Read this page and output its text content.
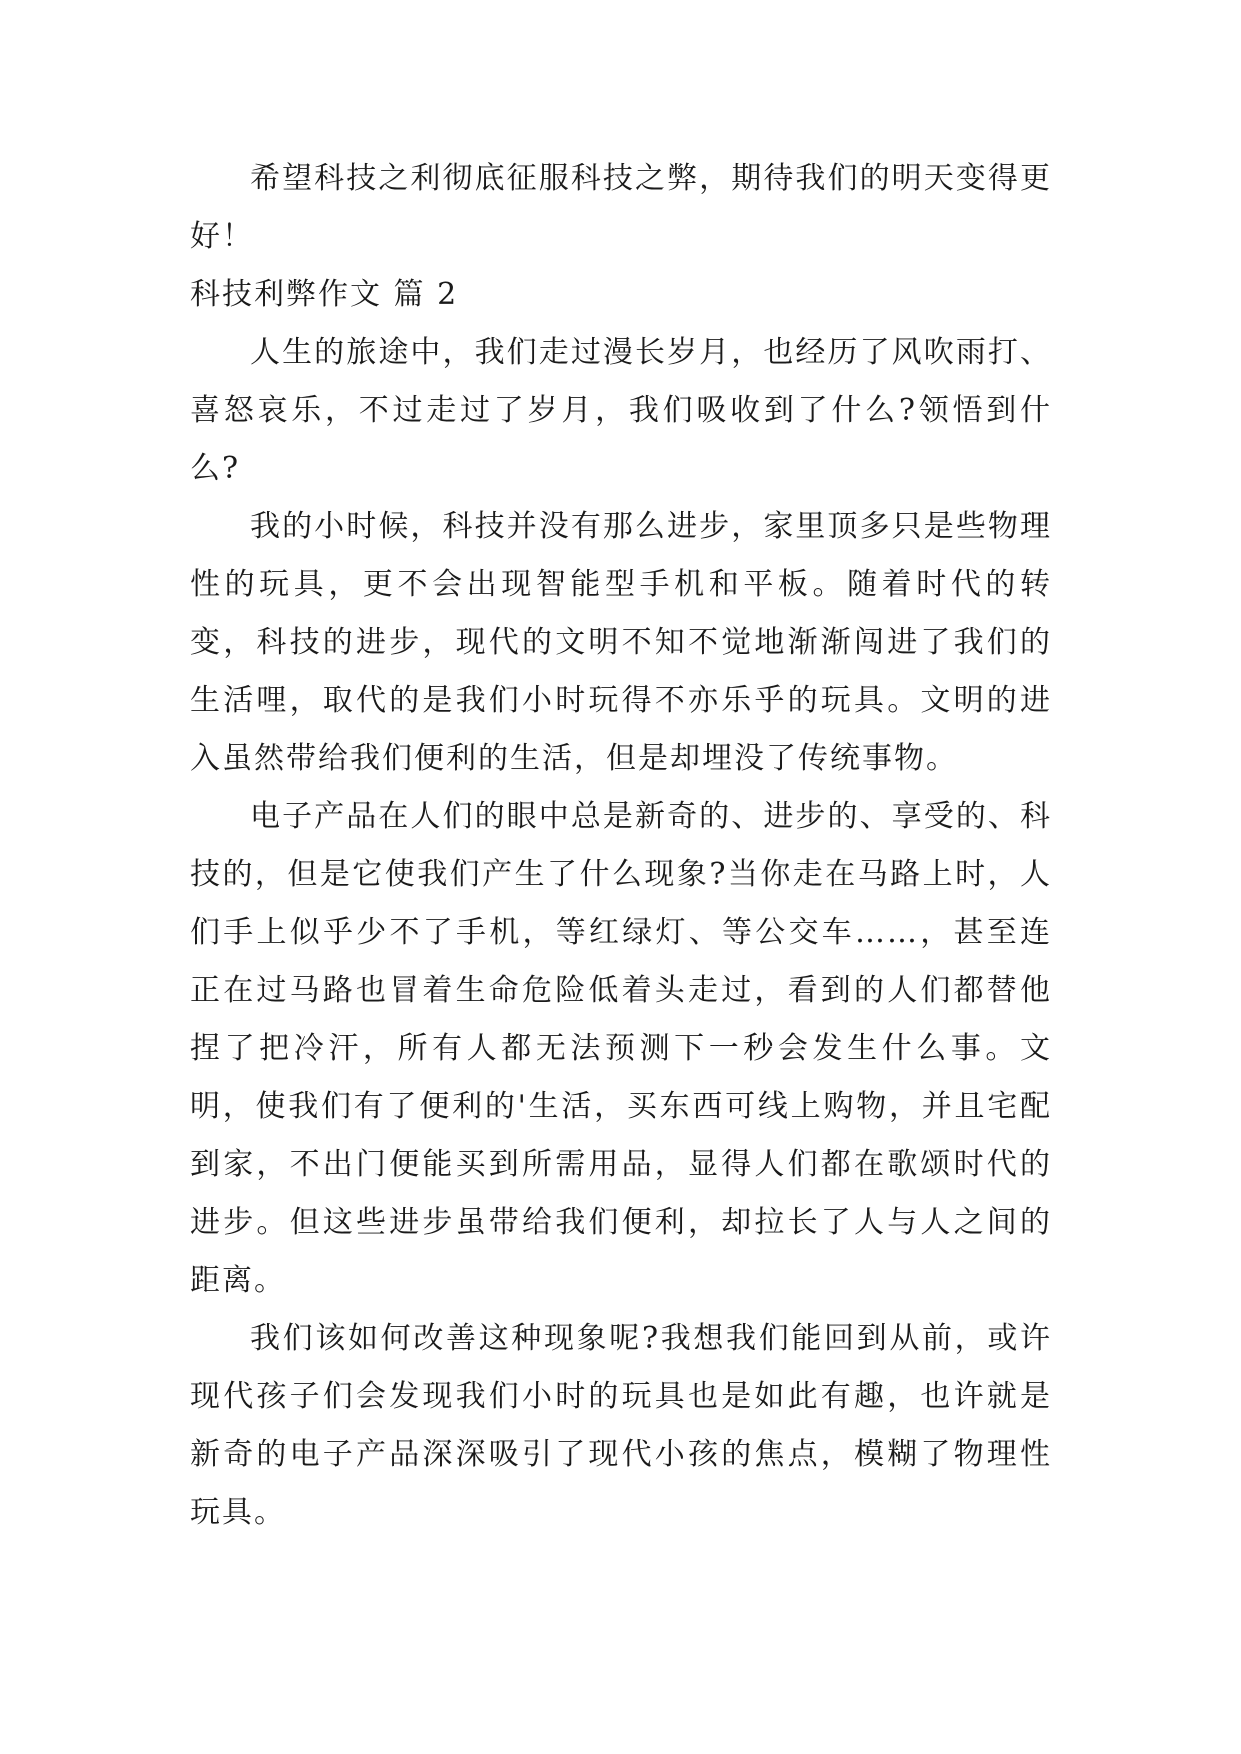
希望科技之利彻底征服科技之弊，期待我们的明天变得更好！

科技利弊作文 篇 2

人生的旅途中，我们走过漫长岁月，也经历了风吹雨打、喜怒哀乐，不过走过了岁月，我们吸收到了什么?领悟到什么?

我的小时候，科技并没有那么进步，家里顶多只是些物理性的玩具，更不会出现智能型手机和平板。随着时代的转变，科技的进步，现代的文明不知不觉地渐渐闯进了我们的生活哩，取代的是我们小时玩得不亦乐乎的玩具。文明的进入虽然带给我们便利的生活，但是却埋没了传统事物。

电子产品在人们的眼中总是新奇的、进步的、享受的、科技的，但是它使我们产生了什么现象?当你走在马路上时，人们手上似乎少不了手机，等红绿灯、等公交车……，甚至连正在过马路也冒着生命危险低着头走过，看到的人们都替他捏了把冷汗，所有人都无法预测下一秒会发生什么事。文明，使我们有了便利的'生活，买东西可线上购物，并且宅配到家，不出门便能买到所需用品，显得人们都在歌颂时代的进步。但这些进步虽带给我们便利，却拉长了人与人之间的距离。

我们该如何改善这种现象呢?我想我们能回到从前，或许现代孩子们会发现我们小时的玩具也是如此有趣，也许就是新奇的电子产品深深吸引了现代小孩的焦点，模糊了物理性玩具。
